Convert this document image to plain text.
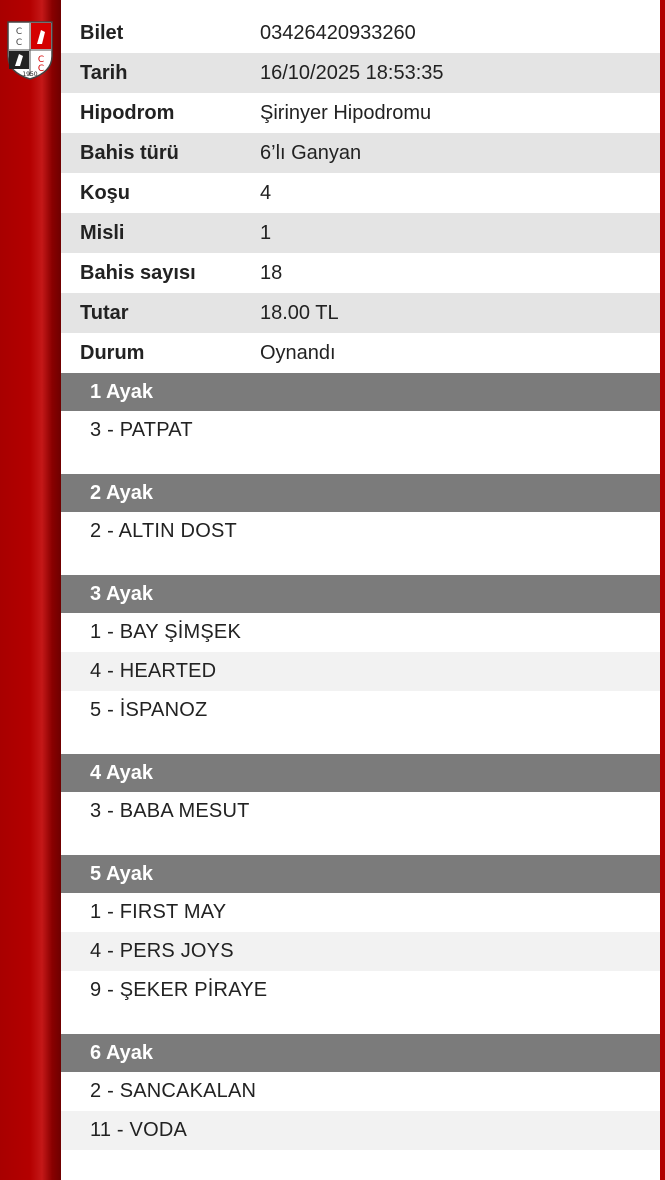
C
C
C
C
1950
Bilet	03426420933260
Tarih	16/10/2025 18:53:35
Hipodrom	Şirinyer Hipodromu
Bahis türü	6’lı Ganyan
Koşu	4
Misli	1
Bahis sayısı	18
Tutar	18.00 TL
Durum	Oynandı
1 Ayak
3 - PATPAT
2 Ayak
2 - ALTIN DOST
3 Ayak
1 - BAY ŞİMŞEK
4 - HEARTED
5 - İSPANOZ
4 Ayak
3 - BABA MESUT
5 Ayak
1 - FIRST MAY
4 - PERS JOYS
9 - ŞEKER PİRAYE
6 Ayak
2 - SANCAKALAN
11 - VODA
